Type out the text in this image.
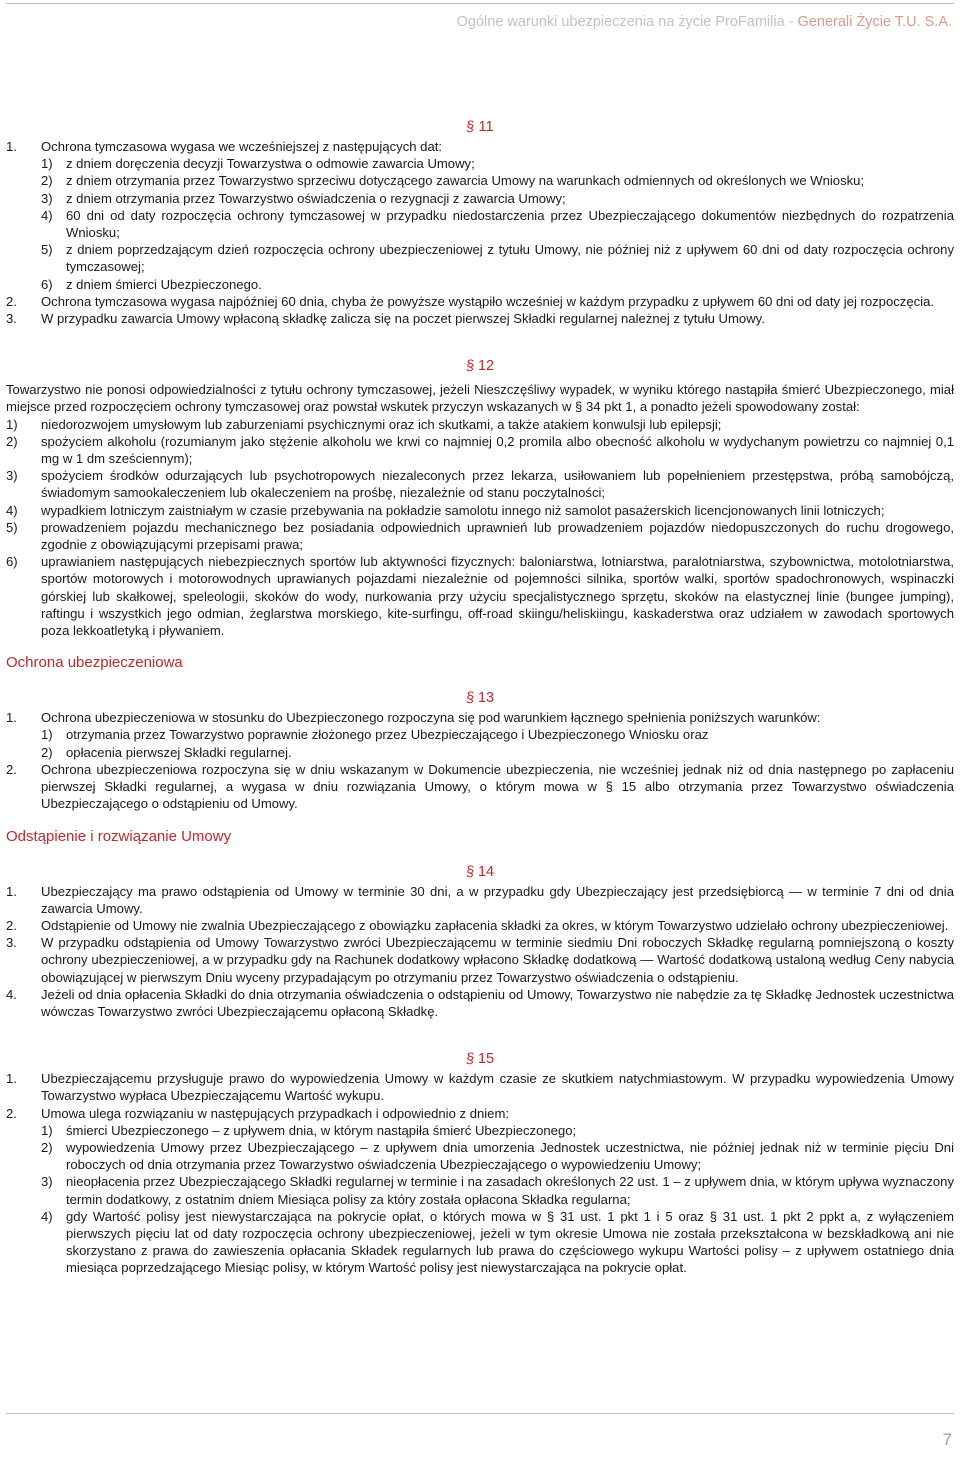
Ogólne warunki ubezpieczenia na życie ProFamilia - Generali Życie T.U. S.A.
§ 11
1. Ochrona tymczasowa wygasa we wcześniejszej z następujących dat:
1) z dniem doręczenia decyzji Towarzystwa o odmowie zawarcia Umowy;
2) z dniem otrzymania przez Towarzystwo sprzeciwu dotyczącego zawarcia Umowy na warunkach odmiennych od określonych we Wniosku;
3) z dniem otrzymania przez Towarzystwo oświadczenia o rezygnacji z zawarcia Umowy;
4) 60 dni od daty rozpoczęcia ochrony tymczasowej w przypadku niedostarczenia przez Ubezpieczającego dokumentów niezbędnych do rozpatrzenia Wniosku;
5) z dniem poprzedzającym dzień rozpoczęcia ochrony ubezpieczeniowej z tytułu Umowy, nie później niż z upływem 60 dni od daty rozpoczęcia ochrony tymczasowej;
6) z dniem śmierci Ubezpieczonego.
2. Ochrona tymczasowa wygasa najpóźniej 60 dnia, chyba że powyższe wystąpiło wcześniej w każdym przypadku z upływem 60 dni od daty jej rozpoczęcia.
3. W przypadku zawarcia Umowy wpłaconą składkę zalicza się na poczet pierwszej Składki regularnej należnej z tytułu Umowy.
§ 12

Towarzystwo nie ponosi odpowiedzialności z tytułu ochrony tymczasowej, jeżeli Nieszczęśliwy wypadek, w wyniku którego nastąpiła śmierć Ubezpieczonego, miał miejsce przed rozpoczęciem ochrony tymczasowej oraz powstał wskutek przyczyn wskazanych w § 34 pkt 1, a ponadto jeżeli spowodowany został:

1) niedorozwojem umysłowym lub zaburzeniami psychicznymi oraz ich skutkami, a także atakiem konwulsji lub epilepsji;
2) spożyciem alkoholu (rozumianym jako stężenie alkoholu we krwi co najmniej 0,2 promila albo obecność alkoholu w wydychanym powietrzu co najmniej 0,1 mg w 1 dm sześciennym);
3) spożyciem środków odurzających lub psychotropowych niezaleconych przez lekarza, usiłowaniem lub popełnieniem przestępstwa, próbą samobójczą, świadomym samookaleczeniem lub okaleczeniem na prośbę, niezależnie od stanu poczytalności;
4) wypadkiem lotniczym zaistniałym w czasie przebywania na pokładzie samolotu innego niż samolot pasażerskich licencjonowanych linii lotniczych;
5) prowadzeniem pojazdu mechanicznego bez posiadania odpowiednich uprawnień lub prowadzeniem pojazdów niedopuszczonych do ruchu drogowego, zgodnie z obowiązującymi przepisami prawa;
6) uprawianiem następujących niebezpiecznych sportów lub aktywności fizycznych: baloniarstwa, lotniarstwa, paralotniarstwa, szybownictwa, motolotniarstwa, sportów motorowych i motorowodnych uprawianych pojazdami niezależnie od pojemności silnika, sportów walki, sportów spadochronowych, wspinaczki górskiej lub skałkowej, speleologii, skoków do wody, nurkowania przy użyciu specjalistycznego sprzętu, skoków na elastycznej linie (bungee jumping), raftingu i wszystkich jego odmian, żeglarstwa morskiego, kite-surfingu, off-road skiingu/heliskiingu, kaskaderstwa oraz udziałem w zawodach sportowych poza lekkoatletyką i pływaniem.
Ochrona ubezpieczeniowa
§ 13
1. Ochrona ubezpieczeniowa w stosunku do Ubezpieczonego rozpoczyna się pod warunkiem łącznego spełnienia poniższych warunków:
1) otrzymania przez Towarzystwo poprawnie złożonego przez Ubezpieczającego i Ubezpieczonego Wniosku oraz
2) opłacenia pierwszej Składki regularnej.
2. Ochrona ubezpieczeniowa rozpoczyna się w dniu wskazanym w Dokumencie ubezpieczenia, nie wcześniej jednak niż od dnia następnego po zapłaceniu pierwszej Składki regularnej, a wygasa w dniu rozwiązania Umowy, o którym mowa w § 15 albo otrzymania przez Towarzystwo oświadczenia Ubezpieczającego o odstąpieniu od Umowy.
Odstąpienie i rozwiązanie Umowy
§ 14
1. Ubezpieczający ma prawo odstąpienia od Umowy w terminie 30 dni, a w przypadku gdy Ubezpieczający jest przedsiębiorcą — w terminie 7 dni od dnia zawarcia Umowy.
2. Odstąpienie od Umowy nie zwalnia Ubezpieczającego z obowiązku zapłacenia składki za okres, w którym Towarzystwo udzielało ochrony ubezpieczeniowej.
3. W przypadku odstąpienia od Umowy Towarzystwo zwróci Ubezpieczającemu w terminie siedmiu Dni roboczych Składkę regularną pomniejszoną o koszty ochrony ubezpieczeniowej, a w przypadku gdy na Rachunek dodatkowy wpłacono Składkę dodatkową — Wartość dodatkową ustaloną według Ceny nabycia obowiązującej w pierwszym Dniu wyceny przypadającym po otrzymaniu przez Towarzystwo oświadczenia o odstąpieniu.
4. Jeżeli od dnia opłacenia Składki do dnia otrzymania oświadczenia o odstąpieniu od Umowy, Towarzystwo nie nabędzie za tę Składkę Jednostek uczestnictwa wówczas Towarzystwo zwróci Ubezpieczającemu opłaconą Składkę.
§ 15
1. Ubezpieczającemu przysługuje prawo do wypowiedzenia Umowy w każdym czasie ze skutkiem natychmiastowym. W przypadku wypowiedzenia Umowy Towarzystwo wypłaca Ubezpieczającemu Wartość wykupu.
2. Umowa ulega rozwiązaniu w następujących przypadkach i odpowiednio z dniem:
1) śmierci Ubezpieczonego – z upływem dnia, w którym nastąpiła śmierć Ubezpieczonego;
2) wypowiedzenia Umowy przez Ubezpieczającego – z upływem dnia umorzenia Jednostek uczestnictwa, nie później jednak niż w terminie pięciu Dni roboczych od dnia otrzymania przez Towarzystwo oświadczenia Ubezpieczającego o wypowiedzeniu Umowy;
3) nieopłacenia przez Ubezpieczającego Składki regularnej w terminie i na zasadach określonych 22 ust. 1 – z upływem dnia, w którym upływa wyznaczony termin dodatkowy, z ostatnim dniem Miesiąca polisy za który została opłacona Składka regularna;
4) gdy Wartość polisy jest niewystarczająca na pokrycie opłat, o których mowa w § 31 ust. 1 pkt 1 i 5 oraz § 31 ust. 1 pkt 2 ppkt a, z wyłączeniem pierwszych pięciu lat od daty rozpoczęcia ochrony ubezpieczeniowej, jeżeli w tym okresie Umowa nie została przekształcona w bezskładkową ani nie skorzystano z prawa do zawieszenia opłacania Składek regularnych lub prawa do częściowego wykupu Wartości polisy – z upływem ostatniego dnia miesiąca poprzedzającego Miesiąc polisy, w którym Wartość polisy jest niewystarczająca na pokrycie opłat.
7
